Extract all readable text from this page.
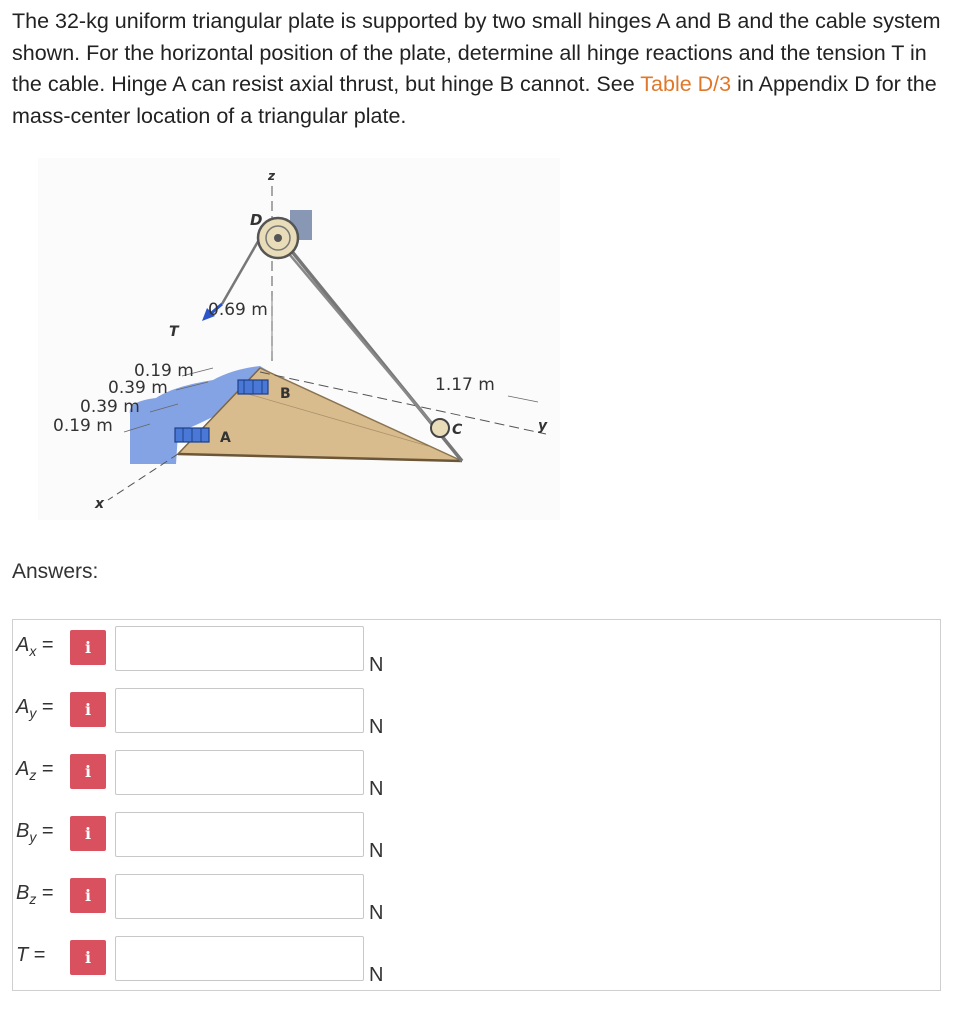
The 32-kg uniform triangular plate is supported by two small hinges A and B and the cable system shown. For the horizontal position of the plate, determine all hinge reactions and the tension T in the cable. Hinge A can resist axial thrust, but hinge B cannot. See Table D/3 in Appendix D for the mass-center location of a triangular plate.

0.69 m
1.17 m
0.19 m
0.39 m
0.39 m
0.19 m
D
T
A
B
C
x
y
z
Answers:
$A_x$ =	i
N
$A_y$ =	i
N
$A_z$ =	i
N
$B_y$ =	i
N
$B_z$ =	i
N
T =	i
N
